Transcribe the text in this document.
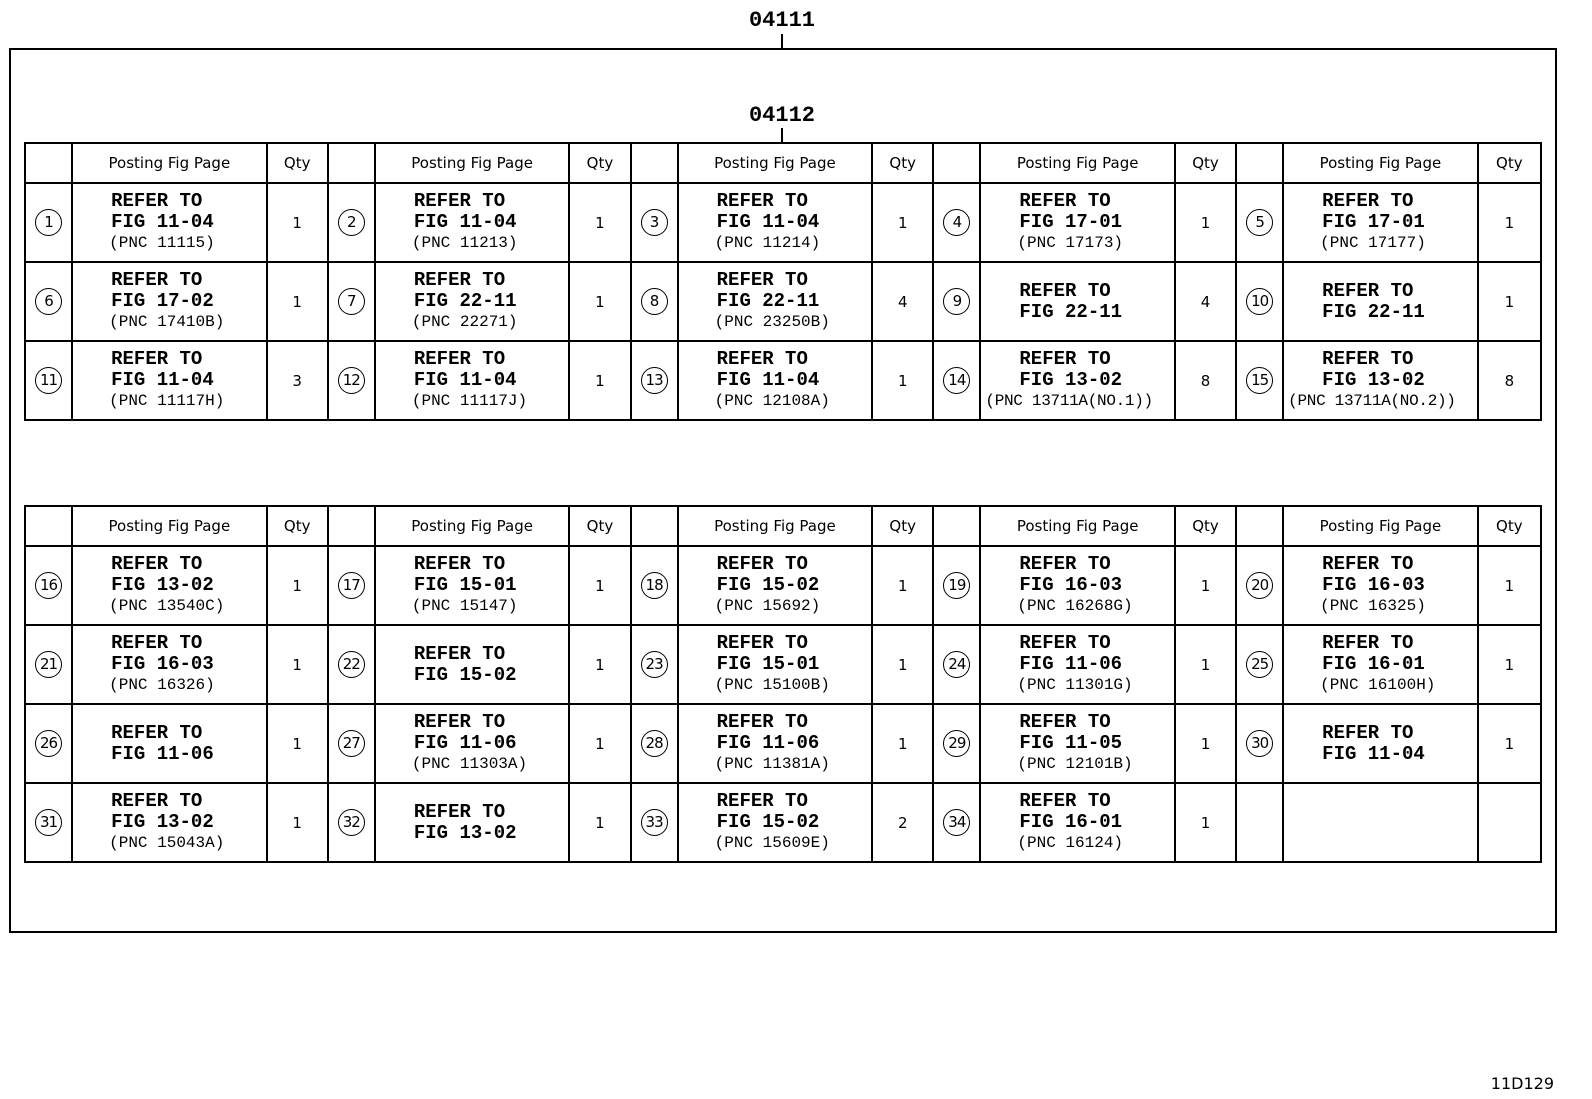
04111
04112
	Posting Fig Page	Qty		Posting Fig Page	Qty		Posting Fig Page	Qty		Posting Fig Page	Qty		Posting Fig Page	Qty
1	REFER TO
FIG 11-04
(PNC 11115)	1	2	REFER TO
FIG 11-04
(PNC 11213)	1	3	REFER TO
FIG 11-04
(PNC 11214)	1	4	REFER TO
FIG 17-01
(PNC 17173)	1	5	REFER TO
FIG 17-01
(PNC 17177)	1
6	REFER TO
FIG 17-02
(PNC 17410B)	1	7	REFER TO
FIG 22-11
(PNC 22271)	1	8	REFER TO
FIG 22-11
(PNC 23250B)	4	9	REFER TO
FIG 22-11	4	10	REFER TO
FIG 22-11	1
11	REFER TO
FIG 11-04
(PNC 11117H)	3	12	REFER TO
FIG 11-04
(PNC 11117J)	1	13	REFER TO
FIG 11-04
(PNC 12108A)	1	14	REFER TO
FIG 13-02
(PNC 13711A(NO.1))	8	15	REFER TO
FIG 13-02
(PNC 13711A(NO.2))	8
	Posting Fig Page	Qty		Posting Fig Page	Qty		Posting Fig Page	Qty		Posting Fig Page	Qty		Posting Fig Page	Qty
16	REFER TO
FIG 13-02
(PNC 13540C)	1	17	REFER TO
FIG 15-01
(PNC 15147)	1	18	REFER TO
FIG 15-02
(PNC 15692)	1	19	REFER TO
FIG 16-03
(PNC 16268G)	1	20	REFER TO
FIG 16-03
(PNC 16325)	1
21	REFER TO
FIG 16-03
(PNC 16326)	1	22	REFER TO
FIG 15-02	1	23	REFER TO
FIG 15-01
(PNC 15100B)	1	24	REFER TO
FIG 11-06
(PNC 11301G)	1	25	REFER TO
FIG 16-01
(PNC 16100H)	1
26	REFER TO
FIG 11-06	1	27	REFER TO
FIG 11-06
(PNC 11303A)	1	28	REFER TO
FIG 11-06
(PNC 11381A)	1	29	REFER TO
FIG 11-05
(PNC 12101B)	1	30	REFER TO
FIG 11-04	1
31	REFER TO
FIG 13-02
(PNC 15043A)	1	32	REFER TO
FIG 13-02	1	33	REFER TO
FIG 15-02
(PNC 15609E)	2	34	REFER TO
FIG 16-01
(PNC 16124)	1			
11D129
